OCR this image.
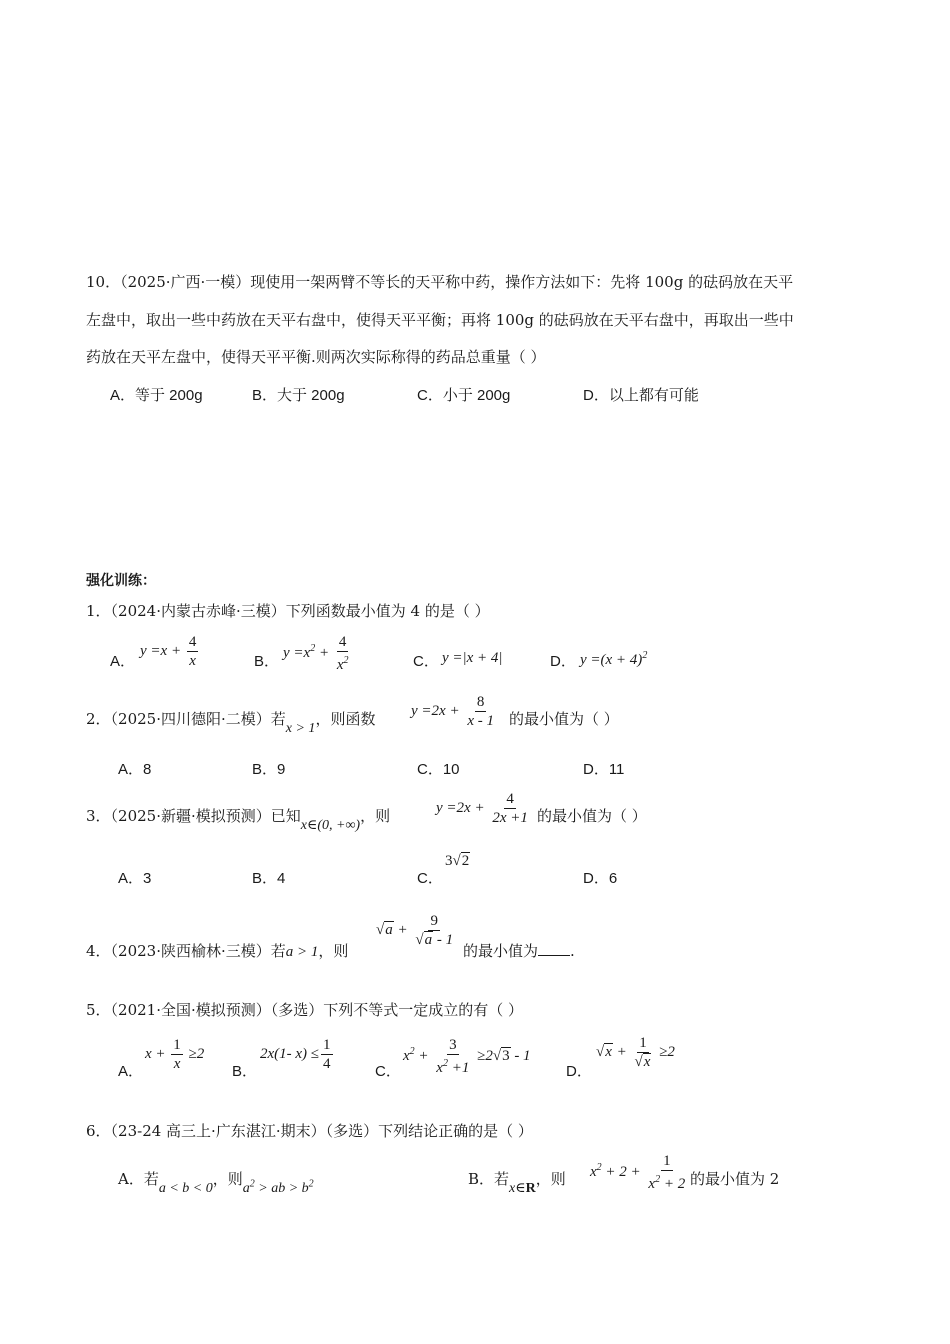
10．（2025·广西·一模）现使用一架两臂不等长的天平称中药，操作方法如下：先将 100g 的砝码放在天平
左盘中，取出一些中药放在天平右盘中，使得天平平衡；再将 100g 的砝码放在天平右盘中，再取出一些中
药放在天平左盘中，使得天平平衡.则两次实际称得的药品总重量（ ）
A．等于 200g	B．大于 200g	C．小于 200g	D．以上都有可能
强化训练：
1．（2024·内蒙古赤峰·三模）下列函数最小值为 4 的是（ ）
A．
$y =x + \frac{4}{x}$	B．
$y =x^2 + \frac{4}{x^2}$	C． y =|x + 4|	D． $y =(x + 4)^2$
2．（2025·四川德阳·二模）若x > 1，则函数 $y =2x + \frac{8}{x - 1}$ 的最小值为（ ）
A．8	B．9	C．10	D．11
3．（2025·新疆·模拟预测）已知x∈(0, +∞)，则	$y =2x + \frac{4}{2x +1}$ 的最小值为（ ）
A．3	B．4	C．
3√2
D．6
4．（2023·陕西榆林·三模）若a > 1，则
$√a + \frac{9}{√a - 1}$
的最小值为 .
5．（2021·全国·模拟预测）（多选）下列不等式一定成立的有（ ）
A．
$x + \frac{1}{x} \ge 2$
B．
2x(1- $x) \le \frac{1}{4}$	C．
$x^2 + \frac{3}{x^2 +1} \ge 2√3 - 1$
D．
$√x + \frac{1}{√x} \ge 2$
6．（23-24 高三上·广东湛江·期末）（多选）下列结论正确的是（ ）
A．若a < b < 0，则$a^2$ > ab > $b^2$	B．若x∈R，则 $x^2 + 2 + \frac{1}{x^2 + 2}$ 的最小值为 2
